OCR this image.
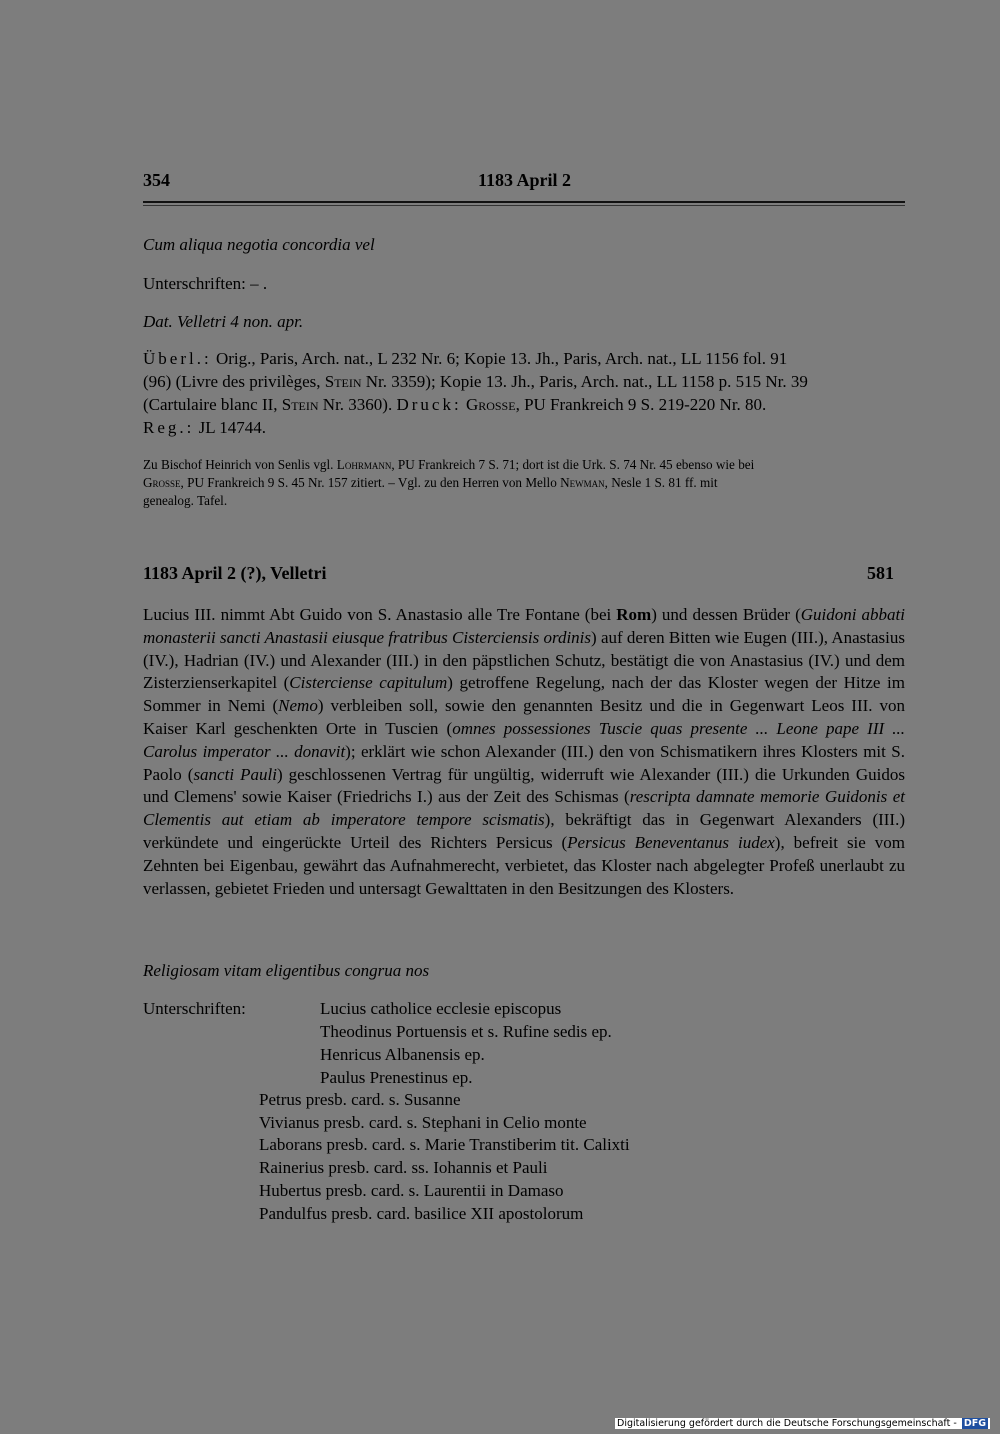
354	1183 April 2
Cum aliqua negotia concordia vel
Unterschriften: – .
Dat. Velletri 4 non. apr.
Überl.: Orig., Paris, Arch. nat., L 232 Nr. 6; Kopie 13. Jh., Paris, Arch. nat., LL 1156 fol. 91
(96) (Livre des privilèges, Stein Nr. 3359); Kopie 13. Jh., Paris, Arch. nat., LL 1158 p. 515 Nr. 39
(Cartulaire blanc II, Stein Nr. 3360). Druck: Grosse, PU Frankreich 9 S. 219-220 Nr. 80.
Reg.: JL 14744.
Zu Bischof Heinrich von Senlis vgl. Lohrmann, PU Frankreich 7 S. 71; dort ist die Urk. S. 74 Nr. 45 ebenso wie bei
Grosse, PU Frankreich 9 S. 45 Nr. 157 zitiert. – Vgl. zu den Herren von Mello Newman, Nesle 1 S. 81 ff. mit
genealog. Tafel.
1183 April 2 (?), Velletri	581
Lucius III. nimmt Abt Guido von S. Anastasio alle Tre Fontane (bei Rom) und dessen Brüder (Guidoni abbati monasterii sancti Anastasii eiusque fratribus Cisterciensis ordinis) auf deren Bitten wie Eugen (III.), Anastasius (IV.), Hadrian (IV.) und Alexander (III.) in den päpstlichen Schutz, bestätigt die von Anastasius (IV.) und dem Zisterzienserkapitel (Cisterciense capitulum) getroffene Regelung, nach der das Kloster wegen der Hitze im Sommer in Nemi (Nemo) verbleiben soll, sowie den genannten Besitz und die in Gegenwart Leos III. von Kaiser Karl geschenkten Orte in Tuscien (omnes possessiones Tuscie quas presente ... Leone pape III ... Carolus imperator ... donavit); erklärt wie schon Alexander (III.) den von Schismatikern ihres Klosters mit S. Paolo (sancti Pauli) geschlossenen Vertrag für ungültig, widerruft wie Alexander (III.) die Urkunden Guidos und Clemens' sowie Kaiser (Friedrichs I.) aus der Zeit des Schismas (rescripta damnate memorie Guidonis et Clementis aut etiam ab imperatore tempore scismatis), bekräftigt das in Gegenwart Alexanders (III.) verkündete und eingerückte Urteil des Richters Persicus (Persicus Beneventanus iudex), befreit sie vom Zehnten bei Eigenbau, gewährt das Aufnahmerecht, verbietet, das Kloster nach abgelegter Profeß unerlaubt zu verlassen, gebietet Frieden und untersagt Gewalttaten in den Besitzungen des Klosters.
Religiosam vitam eligentibus congrua nos
Unterschriften:	Lucius catholice ecclesie episcopus
Theodinus Portuensis et s. Rufine sedis ep.
Henricus Albanensis ep.
Paulus Prenestinus ep.
Petrus presb. card. s. Susanne
Vivianus presb. card. s. Stephani in Celio monte
Laborans presb. card. s. Marie Transtiberim tit. Calixti
Rainerius presb. card. ss. Iohannis et Pauli
Hubertus presb. card. s. Laurentii in Damaso
Pandulfus presb. card. basilice XII apostolorum
Digitalisierung gefördert durch die Deutsche Forschungsgemeinschaft - DFG
